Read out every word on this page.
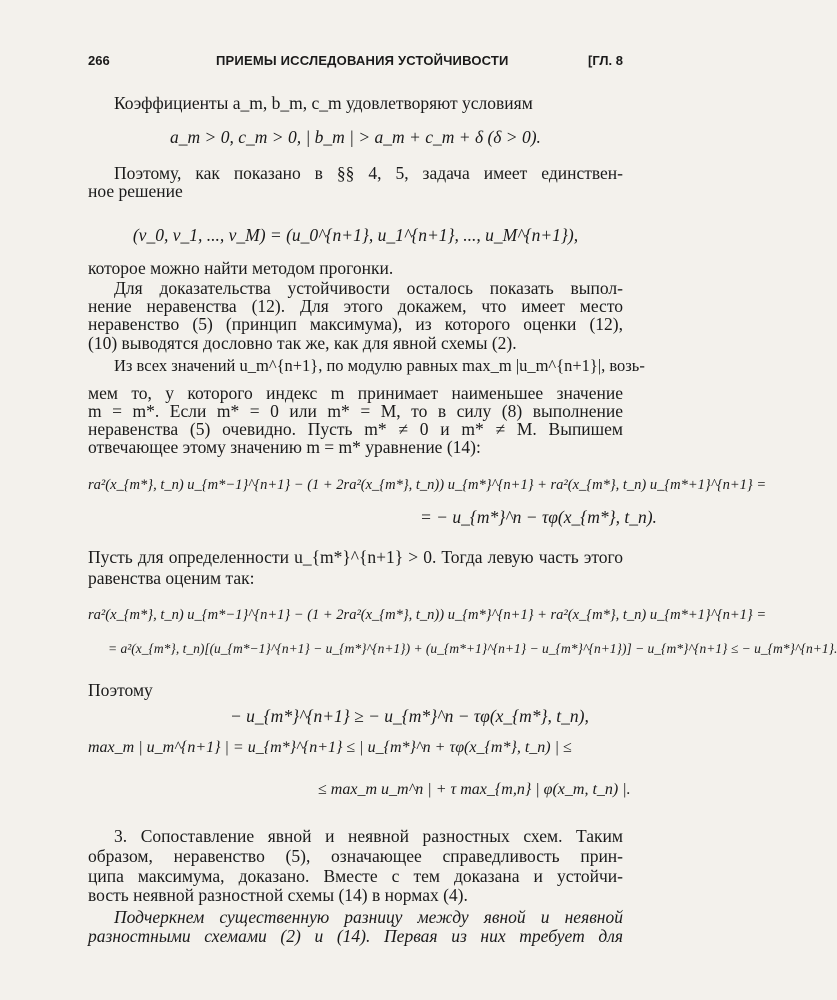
266	ПРИЕМЫ ИССЛЕДОВАНИЯ УСТОЙЧИВОСТИ	[ГЛ. 8
Коэффициенты a_m, b_m, c_m удовлетворяют условиям
a_m > 0, c_m > 0, | b_m | > a_m + c_m + δ (δ > 0).
Поэтому, как показано в §§ 4, 5, задача имеет единствен-
ное решение
(v_0, v_1, ..., v_M) = (u_0^{n+1}, u_1^{n+1}, ..., u_M^{n+1}),
которое можно найти методом прогонки.
Для доказательства устойчивости осталось показать выпол-
нение неравенства (12). Для этого докажем, что имеет место
неравенство (5) (принцип максимума), из которого оценки (12),
(10) выводятся дословно так же, как для явной схемы (2).
Из всех значений u_m^{n+1}, по модулю равных max_m |u_m^{n+1}|, возь-
мем то, у которого индекс m принимает наименьшее значение
m = m*. Если m* = 0 или m* = M, то в силу (8) выполнение
неравенства (5) очевидно. Пусть m* ≠ 0 и m* ≠ M. Выпишем
отвечающее этому значению m = m* уравнение (14):
ra²(x_{m*}, t_n) u_{m*−1}^{n+1} − (1 + 2ra²(x_{m*}, t_n)) u_{m*}^{n+1} + ra²(x_{m*}, t_n) u_{m*+1}^{n+1} =
= − u_{m*}^n − τφ(x_{m*}, t_n).
Пусть для определенности u_{m*}^{n+1} > 0. Тогда левую часть этого
равенства оценим так:
ra²(x_{m*}, t_n) u_{m*−1}^{n+1} − (1 + 2ra²(x_{m*}, t_n)) u_{m*}^{n+1} + ra²(x_{m*}, t_n) u_{m*+1}^{n+1} =
= a²(x_{m*}, t_n)[(u_{m*−1}^{n+1} − u_{m*}^{n+1}) + (u_{m*+1}^{n+1} − u_{m*}^{n+1})] − u_{m*}^{n+1} ≤ − u_{m*}^{n+1}.
Поэтому
− u_{m*}^{n+1} ≥ − u_{m*}^n − τφ(x_{m*}, t_n),
max_m | u_m^{n+1} | = u_{m*}^{n+1} ≤ | u_{m*}^n + τφ(x_{m*}, t_n) | ≤
≤ max_m u_m^n | + τ max_{m,n} | φ(x_m, t_n) |.
3. Сопоставление явной и неявной разностных схем. Таким
образом, неравенство (5), означающее справедливость прин-
ципа максимума, доказано. Вместе с тем доказана и устойчи-
вость неявной разностной схемы (14) в нормах (4).
Подчеркнем существенную разницу между явной и неявной
разностными схемами (2) и (14). Первая из них требует для
